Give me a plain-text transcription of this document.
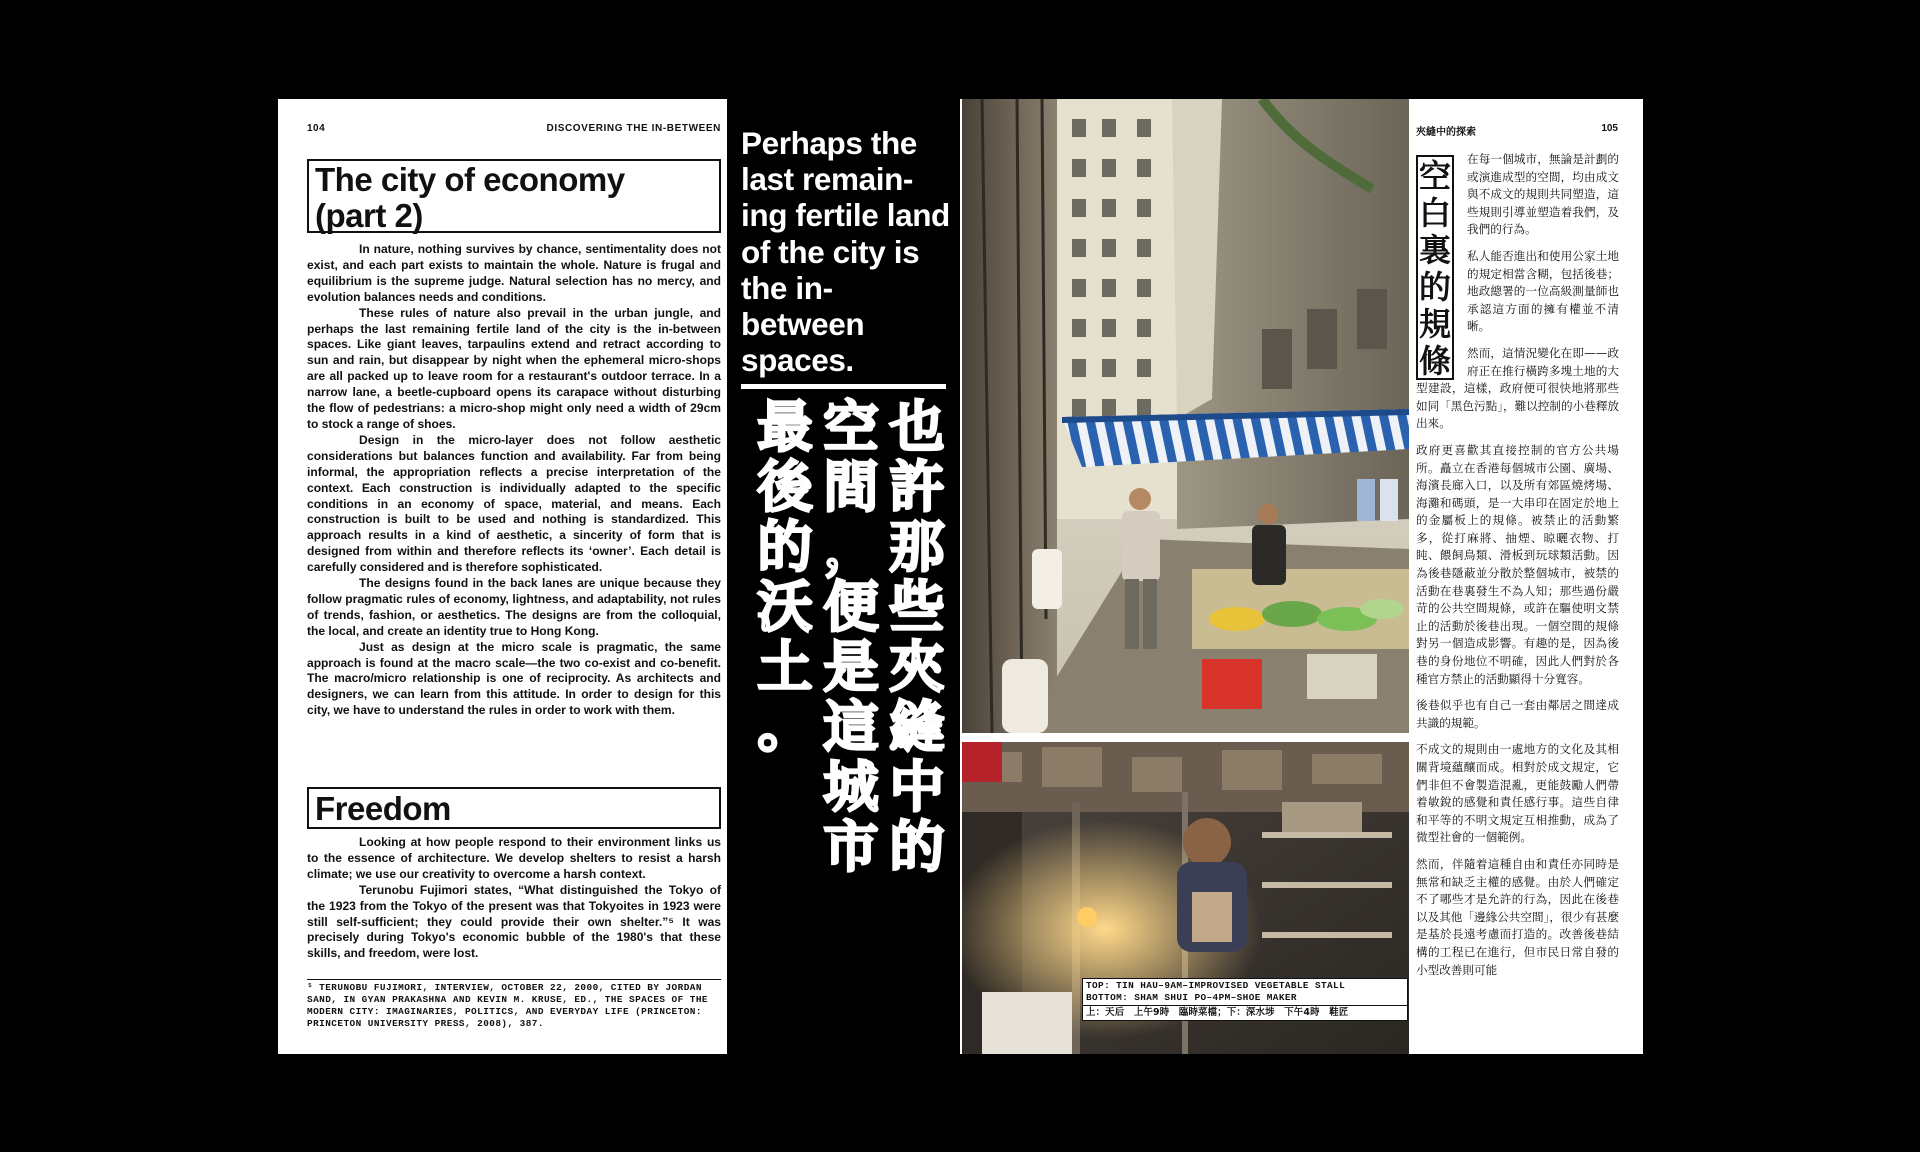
104	DISCOVERING THE IN-BETWEEN
The city of economy
(part 2)

In nature, nothing survives by chance, sentimentality does not exist, and each part exists to maintain the whole. Nature is frugal and equilibrium is the supreme judge. Natural selection has no mercy, and evolution balances needs and conditions.

These rules of nature also prevail in the urban jungle, and perhaps the last remaining fertile land of the city is the in-between spaces. Like giant leaves, tarpaulins extend and retract according to sun and rain, but disappear by night when the ephemeral micro-shops are all packed up to leave room for a restaurant's outdoor terrace. In a narrow lane, a beetle-cupboard opens its carapace without disturbing the flow of pedestrians: a micro-shop might only need a width of 29cm to stock a range of shoes.

Design in the micro-layer does not follow aesthetic considerations but balances function and availability. Far from being informal, the appropriation reflects a precise interpretation of the context. Each construction is individually adapted to the specific conditions in an economy of space, material, and means. Each construction is built to be used and nothing is standardized. This approach results in a kind of aesthetic, a sincerity of form that is designed from within and therefore reflects its ‘owner’. Each detail is carefully considered and is therefore sophisticated.

The designs found in the back lanes are unique because they follow pragmatic rules of economy, lightness, and adaptability, not rules of trends, fashion, or aesthetics. The designs are from the colloquial, the local, and create an identity true to Hong Kong.

Just as design at the micro scale is pragmatic, the same approach is found at the macro scale—the two co-exist and co-benefit. The macro/micro relationship is one of reciprocity. As architects and designers, we can learn from this attitude. In order to design for this city, we have to understand the rules in order to work with them.

Freedom

Looking at how people respond to their environment links us to the essence of architecture. We develop shelters to resist a harsh climate; we use our creativity to overcome a harsh context.

Terunobu Fujimori states, “What distinguished the Tokyo of the 1923 from the Tokyo of the present was that Tokyoites in 1923 were still self-sufficient; they could provide their own shelter.”⁵ It was precisely during Tokyo's economic bubble of the 1980's that these skills, and freedom, were lost.

⁵ TERUNOBU FUJIMORI, INTERVIEW, OCTOBER 22, 2000, CITED BY JORDAN SAND, IN GYAN PRAKASHNA AND KEVIN M. KRUSE, ED., THE SPACES OF THE MODERN CITY: IMAGINARIES, POLITICS, AND EVERYDAY LIFE (PRINCETON: PRINCETON UNIVERSITY PRESS, 2008), 387.

Perhaps the last remain-ing fertile land of the city is the in-between spaces.

也
許
那
些
夾
縫
中
的
空
間
，
便
是
這
城
市
最
後
的
沃
土
。
TOP: TIN HAU–9AM–IMPROVISED VEGETABLE STALL
BOTTOM: SHAM SHUI PO–4PM–SHOE MAKER
上：天后　上午9時　臨時菜檔；下：深水埗　下午4時　鞋匠
夾縫中的探索	105
空
白
裏
的
規
條

在每一個城市，無論是計劃的或演進成型的空間，均由成文與不成文的規則共同塑造，這些規則引導並塑造着我們，及我們的行為。

私人能否進出和使用公家土地的規定相當含糊，包括後巷；地政總署的一位高級測量師也承認這方面的擁有權並不清晰。

然而，這情況變化在即——政府正在推行橫跨多塊土地的大型建設，這樣，政府便可很快地將那些如同「黑色污點」，難以控制的小巷釋放出來。

政府更喜歡其直接控制的官方公共場所。矗立在香港每個城市公園、廣場、海濱長廊入口，以及所有郊區燒烤場、海灘和碼頭，是一大串印在固定於地上的金屬板上的規條。被禁止的活動繁多，從打麻將、抽煙、晾曬衣物、打盹、餵飼鳥類、滑板到玩球類活動。因為後巷隱蔽並分散於整個城市，被禁的活動在巷裏發生不為人知；那些過份嚴苛的公共空間規條，或許在驅使明文禁止的活動於後巷出現。一個空間的規條對另一個造成影響。有趣的是，因為後巷的身份地位不明確，因此人們對於各種官方禁止的活動顯得十分寬容。

後巷似乎也有自己一套由鄰居之間達成共識的規範。

不成文的規則由一處地方的文化及其相關背境蘊釀而成。相對於成文規定，它們非但不會製造混亂，更能鼓勵人們帶着敏銳的感覺和責任感行事。這些自律和平等的不明文規定互相推動，成為了微型社會的一個範例。

然而，伴隨着這種自由和責任亦同時是無常和缺乏主權的感覺。由於人們確定不了哪些才是允許的行為，因此在後巷以及其他「邊緣公共空間」，很少有甚麼是基於長遠考慮而打造的。改善後巷結構的工程已在進行，但市民日常自發的小型改善則可能
